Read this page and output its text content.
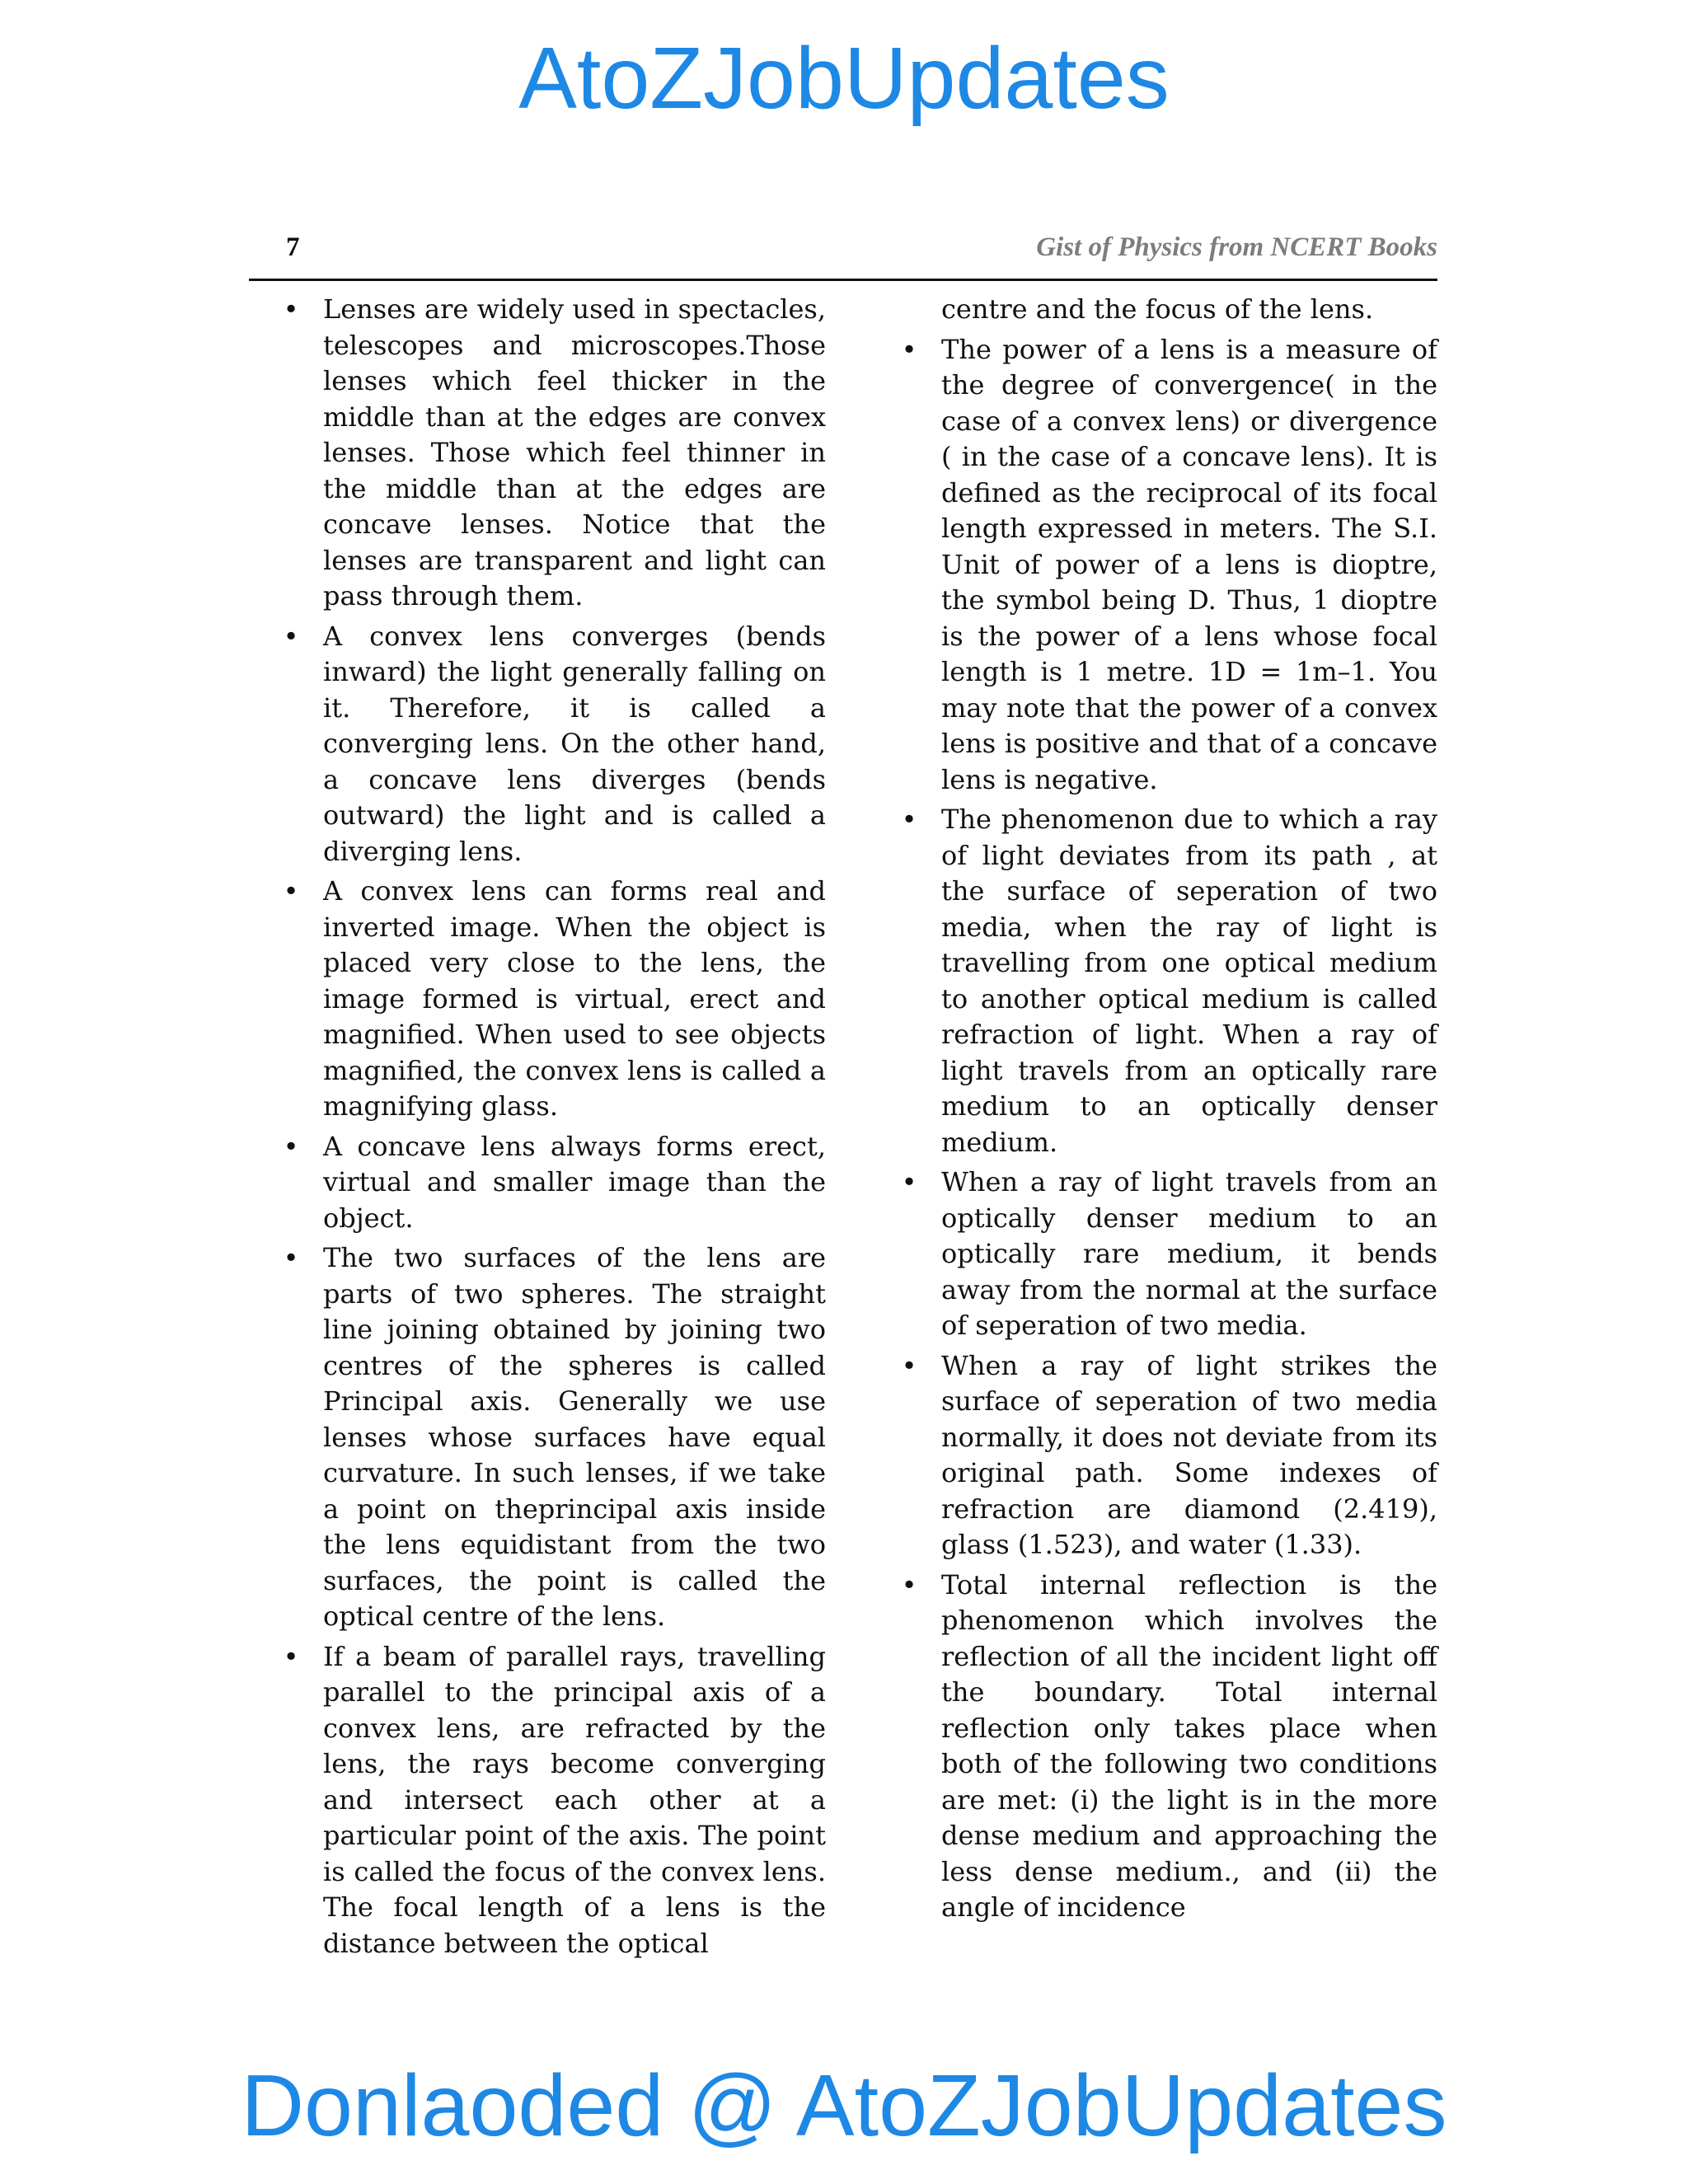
AtoZJobUpdates
7	Gist of Physics from NCERT Books
• Lenses are widely used in spectacles, telescopes and microscopes.Those lenses which feel thicker in the middle than at the edges are convex lenses. Those which feel thinner in the middle than at the edges are concave lenses. Notice that the lenses are transparent and light can pass through them.
• A convex lens converges (bends inward) the light generally falling on it. Therefore, it is called a converging lens. On the other hand, a concave lens diverges (bends outward) the light and is called a diverging lens.
• A convex lens can forms real and inverted image. When the object is placed very close to the lens, the image formed is virtual, erect and magnified. When used to see objects magnified, the convex lens is called a magnifying glass.
• A concave lens always forms erect, virtual and smaller image than the object.
• The two surfaces of the lens are parts of two spheres. The straight line joining obtained by joining two centres of the spheres is called Principal axis. Generally we use lenses whose surfaces have equal curvature. In such lenses, if we take a point on theprincipal axis inside the lens equidistant from the two surfaces, the point is called the optical centre of the lens.
• If a beam of parallel rays, travelling parallel to the principal axis of a convex lens, are refracted by the lens, the rays become converging and intersect each other at a particular point of the axis. The point is called the focus of the convex lens. The focal length of a lens is the distance between the optical

centre and the focus of the lens.

• The power of a lens is a measure of the degree of convergence( in the case of a convex lens) or divergence ( in the case of a concave lens). It is defined as the reciprocal of its focal length expressed in meters. The S.I. Unit of power of a lens is dioptre, the symbol being D. Thus, 1 dioptre is the power of a lens whose focal length is 1 metre. 1D = 1m–1. You may note that the power of a convex lens is positive and that of a concave lens is negative.
• The phenomenon due to which a ray of light deviates from its path , at the surface of seperation of two media, when the ray of light is travelling from one optical medium to another optical medium is called refraction of light. When a ray of light travels from an optically rare medium to an optically denser medium.
• When a ray of light travels from an optically denser medium to an optically rare medium, it bends away from the normal at the surface of seperation of two media.
• When a ray of light strikes the surface of seperation of two media normally, it does not deviate from its original path. Some indexes of refraction are diamond (2.419), glass (1.523), and water (1.33).
• Total internal reflection is the phenomenon which involves the reflection of all the incident light off the boundary. Total internal reflection only takes place when both of the following two conditions are met: (i) the light is in the more dense medium and approaching the less dense medium., and (ii) the angle of incidence
Donlaoded @ AtoZJobUpdates
